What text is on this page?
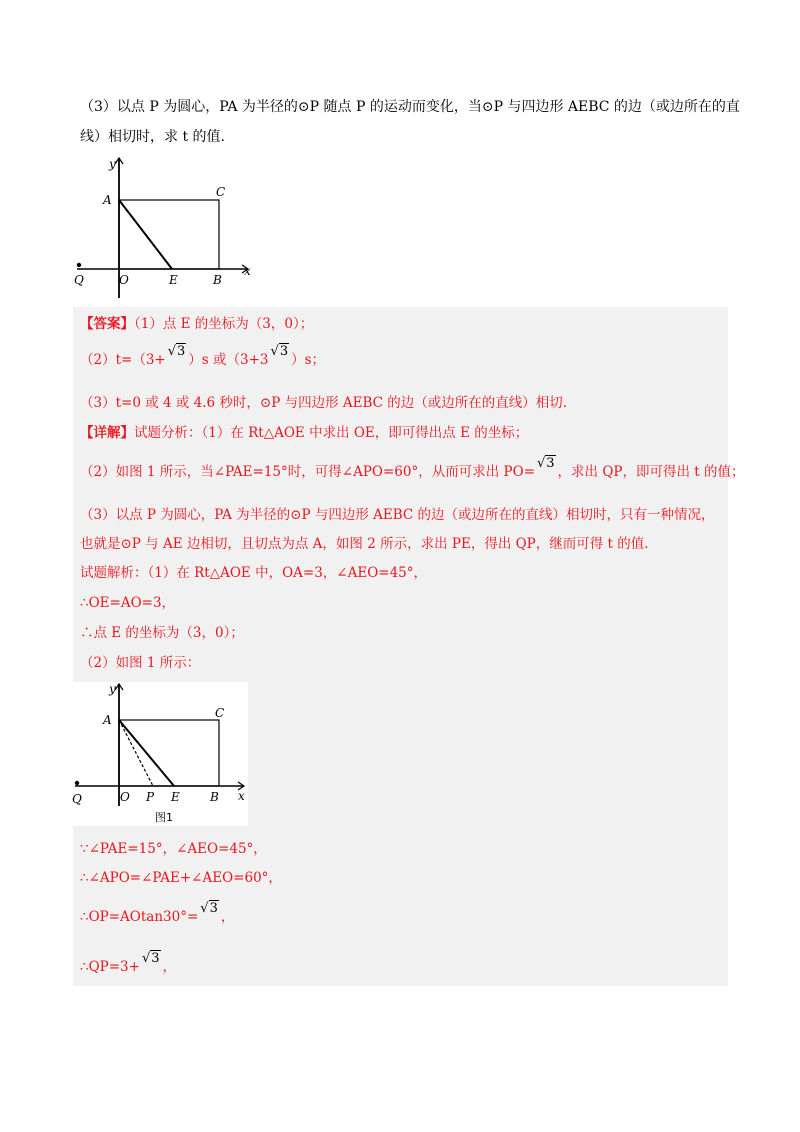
（3）以点 P 为圆心，PA 为半径的⊙P 随点 P 的运动而变化，当⊙P 与四边形 AEBC 的边（或边所在的直
线）相切时，求 t 的值.
y
x
A
C
Q	O	E	B
【答案】（1）点 E 的坐标为（3，0）；
（2）t=（3+√3）s 或（3+3√3）s；
（3）t=0 或 4 或 4.6 秒时，⊙P 与四边形 AEBC 的边（或边所在的直线）相切.
【详解】试题分析：（1）在 Rt△AOE 中求出 OE，即可得出点 E 的坐标；
（2）如图 1 所示，当∠PAE=15°时，可得∠APO=60°，从而可求出 PO=√3，求出 QP，即可得出 t 的值；
（3）以点 P 为圆心，PA 为半径的⊙P 与四边形 AEBC 的边（或边所在的直线）相切时，只有一种情况，
也就是⊙P 与 AE 边相切，且切点为点 A，如图 2 所示，求出 PE，得出 QP，继而可得 t 的值.
试题解析：（1）在 Rt△AOE 中，OA=3，∠AEO=45°，
∴OE=AO=3，
∴点 E 的坐标为（3，0）；
（2）如图 1 所示：
y
x
A	C
Q	O P E	B
图1
∵∠PAE=15°，∠AEO=45°，
∴∠APO=∠PAE+∠AEO=60°，
∴OP=AOtan30°=√3，
∴QP=3+√3，
